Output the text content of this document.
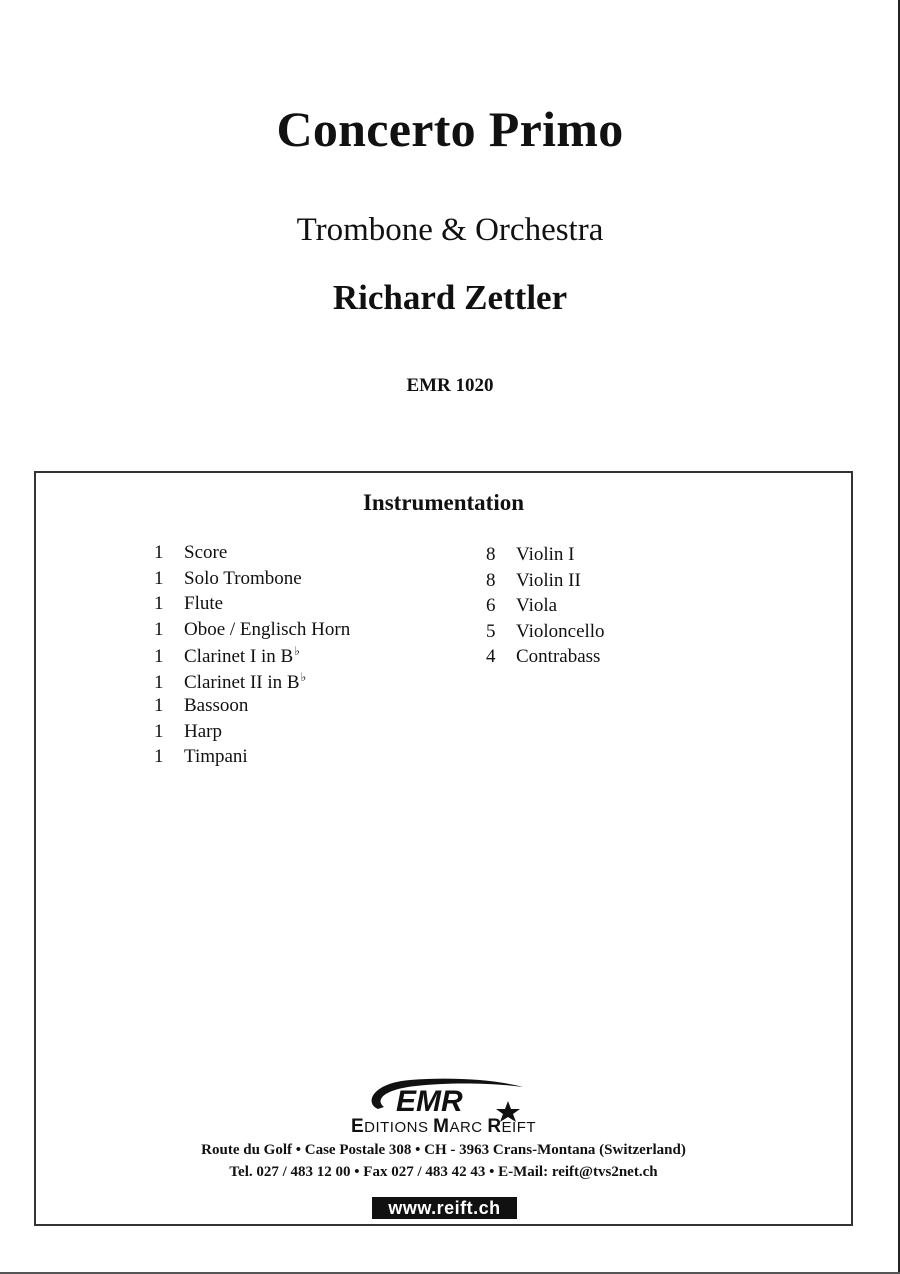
Concerto Primo
Trombone & Orchestra
Richard Zettler
EMR 1020
Instrumentation
1 Score
1 Solo Trombone
1 Flute
1 Oboe / Englisch Horn
1 Clarinet I in B♭
1 Clarinet II in B♭
1 Bassoon
1 Harp
1 Timpani
8 Violin I
8 Violin II
6 Viola
5 Violoncello
4 Contrabass
EMR
EDITIONS MARC REIFT
Route du Golf • Case Postale 308 • CH - 3963 Crans-Montana (Switzerland)
Tel. 027 / 483 12 00 • Fax 027 / 483 42 43 • E-Mail: reift@tvs2net.ch
www.reift.ch
